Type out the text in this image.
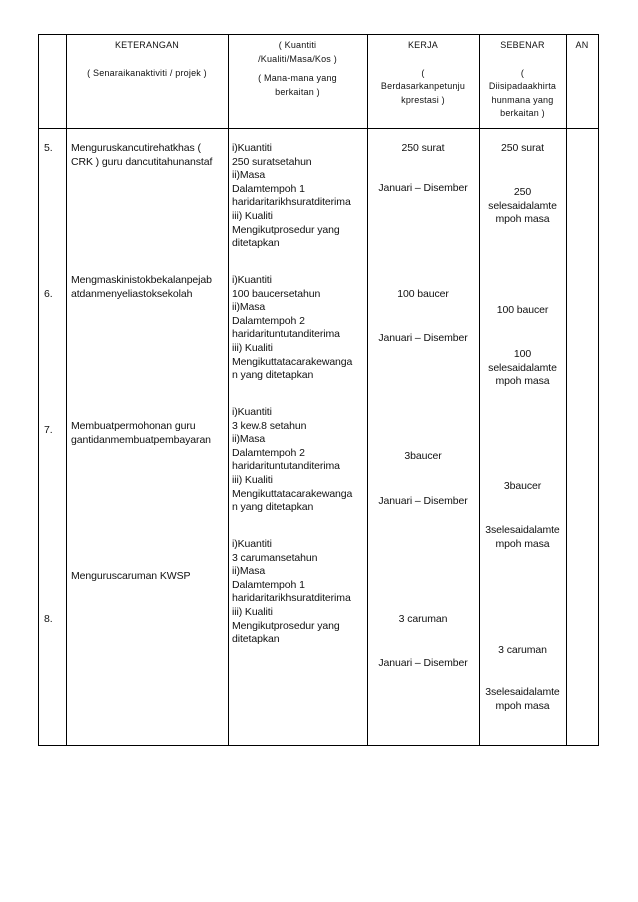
KETERANGAN
( Senaraikanaktiviti / projek )
( Kuantiti
/Kualiti/Masa/Kos )
( Mana-mana yang
berkaitan )
KERJA
(
Berdasarkanpetunju
kprestasi )
SEBENAR
(
Diisipadaakhirta
hunmana yang
berkaitan )
AN
5.
6.
7.
8.
Menguruskancutirehatkhas (
CRK ) guru dancutitahunanstaf
Mengmaskinistokbekalanpejab
atdanmenyeliastoksekolah
Membuatpermohonan guru
gantidanmembuatpembayaran
Menguruscaruman KWSP
i)Kuantiti
250 suratsetahun
ii)Masa
Dalamtempoh 1
haridaritarikhsuratditerima
iii) Kualiti
Mengikutprosedur yang
ditetapkan
i)Kuantiti
100 baucersetahun
ii)Masa
Dalamtempoh 2
haridarituntutanditerima
iii) Kualiti
Mengikuttatacarakewanga
n yang ditetapkan
i)Kuantiti
3 kew.8 setahun
ii)Masa
Dalamtempoh 2
haridarituntutanditerima
iii) Kualiti
Mengikuttatacarakewanga
n yang ditetapkan
i)Kuantiti
3 carumansetahun
ii)Masa
Dalamtempoh 1
haridaritarikhsuratditerima
iii) Kualiti
Mengikutprosedur yang
ditetapkan
250 surat
Januari – Disember
100 baucer
Januari – Disember
3baucer
Januari – Disember
3 caruman
Januari – Disember
250 surat
250
selesaidalamte
mpoh masa
100 baucer
100
selesaidalamte
mpoh masa
3baucer
3selesaidalamte
mpoh masa
3 caruman
3selesaidalamte
mpoh masa
